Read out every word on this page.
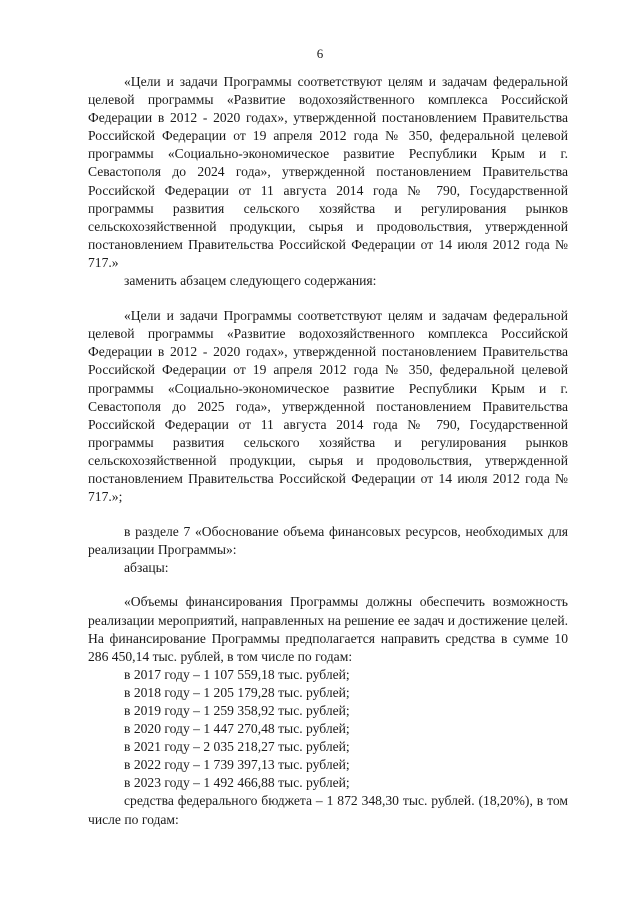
6

«Цели и задачи Программы соответствуют целям и задачам федеральной целевой программы «Развитие водохозяйственного комплекса Российской Федерации в 2012 - 2020 годах», утвержденной постановлением Правительства Российской Федерации от 19 апреля 2012 года № 350, федеральной целевой программы «Социально-экономическое развитие Республики Крым и г. Севастополя до 2024 года», утвержденной постановлением Правительства Российской Федерации от 11 августа 2014 года № 790, Государственной программы развития сельского хозяйства и регулирования рынков сельскохозяйственной продукции, сырья и продовольствия, утвержденной постановлением Правительства Российской Федерации от 14 июля 2012 года № 717.»

заменить абзацем следующего содержания:

«Цели и задачи Программы соответствуют целям и задачам федеральной целевой программы «Развитие водохозяйственного комплекса Российской Федерации в 2012 - 2020 годах», утвержденной постановлением Правительства Российской Федерации от 19 апреля 2012 года № 350, федеральной целевой программы «Социально-экономическое развитие Республики Крым и г. Севастополя до 2025 года», утвержденной постановлением Правительства Российской Федерации от 11 августа 2014 года № 790, Государственной программы развития сельского хозяйства и регулирования рынков сельскохозяйственной продукции, сырья и продовольствия, утвержденной постановлением Правительства Российской Федерации от 14 июля 2012 года № 717.»;

в разделе 7 «Обоснование объема финансовых ресурсов, необходимых для реализации Программы»:

абзацы:

«Объемы финансирования Программы должны обеспечить возможность реализации мероприятий, направленных на решение ее задач и достижение целей. На финансирование Программы предполагается направить средства в сумме 10 286 450,14 тыс. рублей, в том числе по годам:

в 2017 году – 1 107 559,18 тыс. рублей;
в 2018 году – 1 205 179,28 тыс. рублей;
в 2019 году – 1 259 358,92 тыс. рублей;
в 2020 году – 1 447 270,48 тыс. рублей;
в 2021 году – 2 035 218,27 тыс. рублей;
в 2022 году – 1 739 397,13 тыс. рублей;
в 2023 году – 1 492 466,88 тыс. рублей;

средства федерального бюджета – 1 872 348,30 тыс. рублей. (18,20%), в том числе по годам:
